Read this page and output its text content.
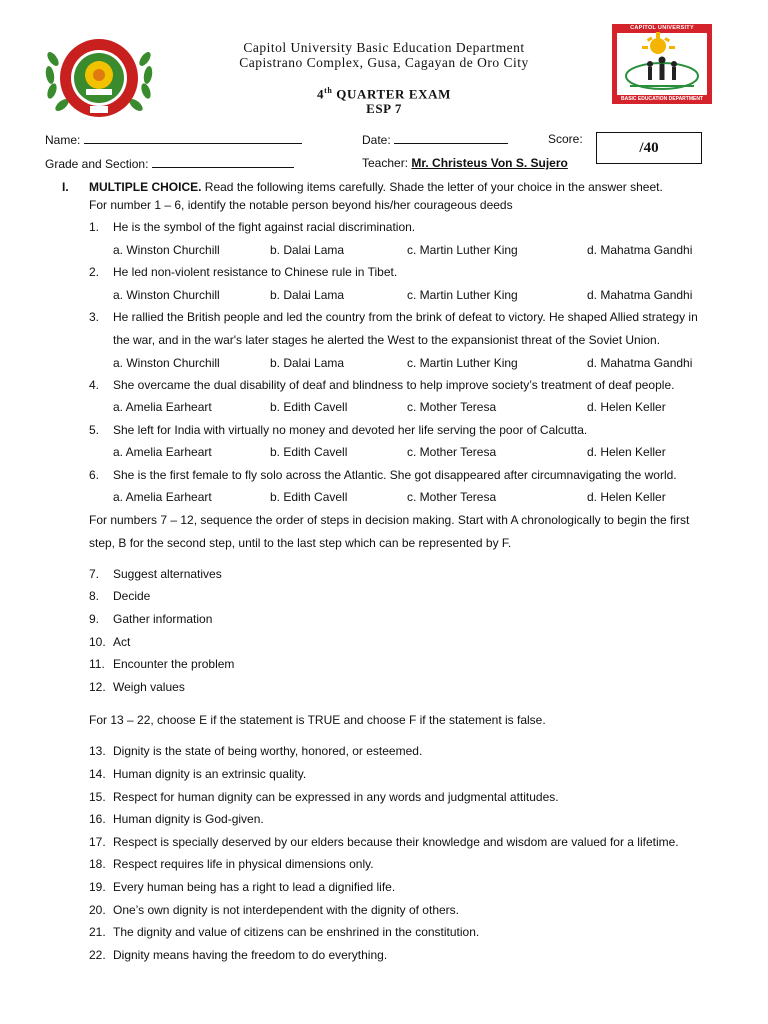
CAPITOL UNIVERSITY
BASIC EDUCATION DEPARTMENT
Capitol University Basic Education Department
Capistrano Complex, Gusa, Cagayan de Oro City
4th QUARTER EXAM
ESP 7
Name:	Date:	Score:
/40
Grade and Section:	Teacher: Mr. Christeus Von S. Sujero
I. MULTIPLE CHOICE. Read the following items carefully. Shade the letter of your choice in the answer sheet.
For number 1 – 6, identify the notable person beyond his/her courageous deeds
1. He is the symbol of the fight against racial discrimination.
a. Winston Churchill	b. Dalai Lama	c. Martin Luther King	d. Mahatma Gandhi
2. He led non-violent resistance to Chinese rule in Tibet.
a. Winston Churchill	b. Dalai Lama	c. Martin Luther King	d. Mahatma Gandhi
3. He rallied the British people and led the country from the brink of defeat to victory. He shaped Allied strategy in
the war, and in the war's later stages he alerted the West to the expansionist threat of the Soviet Union.
a. Winston Churchill	b. Dalai Lama	c. Martin Luther King	d. Mahatma Gandhi
4. She overcame the dual disability of deaf and blindness to help improve society’s treatment of deaf people.
a. Amelia Earheart	b. Edith Cavell	c. Mother Teresa	d. Helen Keller
5. She left for India with virtually no money and devoted her life serving the poor of Calcutta.
a. Amelia Earheart	b. Edith Cavell	c. Mother Teresa	d. Helen Keller
6. She is the first female to fly solo across the Atlantic. She got disappeared after circumnavigating the world.
a. Amelia Earheart	b. Edith Cavell	c. Mother Teresa	d. Helen Keller
For numbers 7 – 12, sequence the order of steps in decision making. Start with A chronologically to begin the first
step, B for the second step, until to the last step which can be represented by F.
7. Suggest alternatives
8. Decide
9. Gather information
10. Act
11. Encounter the problem
12. Weigh values
For 13 – 22, choose E if the statement is TRUE and choose F if the statement is false.
13. Dignity is the state of being worthy, honored, or esteemed.
14. Human dignity is an extrinsic quality.
15. Respect for human dignity can be expressed in any words and judgmental attitudes.
16. Human dignity is God-given.
17. Respect is specially deserved by our elders because their knowledge and wisdom are valued for a lifetime.
18. Respect requires life in physical dimensions only.
19. Every human being has a right to lead a dignified life.
20. One’s own dignity is not interdependent with the dignity of others.
21. The dignity and value of citizens can be enshrined in the constitution.
22. Dignity means having the freedom to do everything.
